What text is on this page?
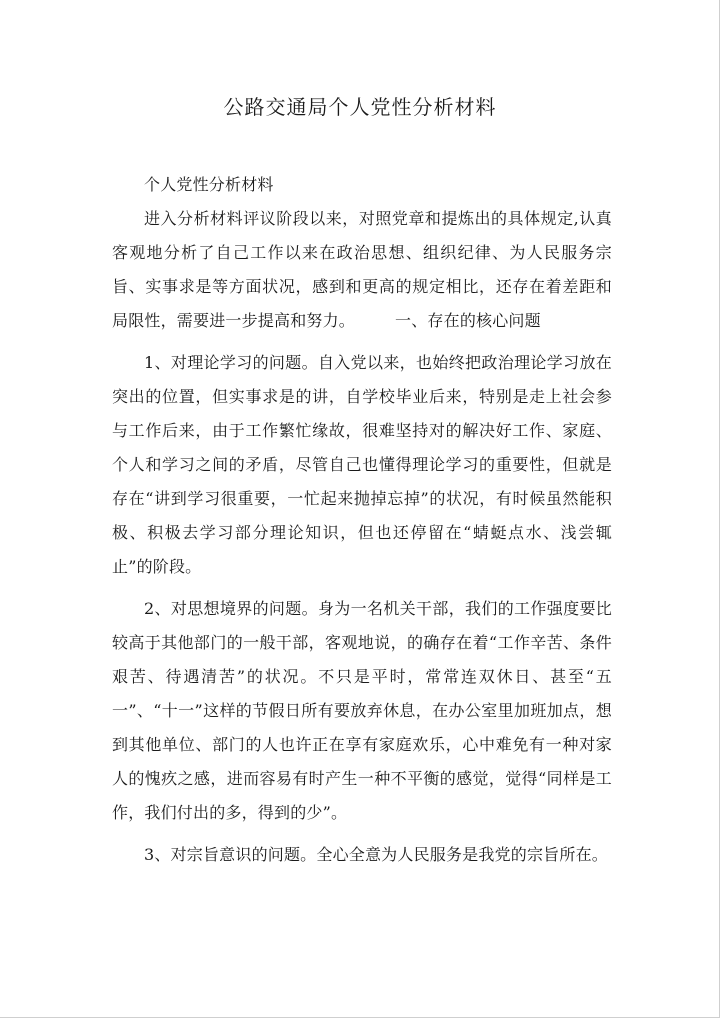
公路交通局个人党性分析材料

个人党性分析材料

进入分析材料评议阶段以来，对照党章和提炼出的具体规定,认真客观地分析了自己工作以来在政治思想、组织纪律、为人民服务宗旨、实事求是等方面状况，感到和更高的规定相比，还存在着差距和局限性，需要进一步提高和努力。	一、存在的核心问题

1、对理论学习的问题。自入党以来，也始终把政治理论学习放在突出的位置，但实事求是的讲，自学校毕业后来，特别是走上社会参与工作后来，由于工作繁忙缘故，很难坚持对的解决好工作、家庭、个人和学习之间的矛盾，尽管自己也懂得理论学习的重要性，但就是存在“讲到学习很重要，一忙起来抛掉忘掉”的状况，有时候虽然能积极、积极去学习部分理论知识，但也还停留在“蜻蜓点水、浅尝辄止”的阶段。

2、对思想境界的问题。身为一名机关干部，我们的工作强度要比较高于其他部门的一般干部，客观地说，的确存在着“工作辛苦、条件艰苦、待遇清苦”的状况。不只是平时，常常连双休日、甚至“五一”、“十一”这样的节假日所有要放弃休息，在办公室里加班加点，想到其他单位、部门的人也许正在享有家庭欢乐，心中难免有一种对家人的愧疚之感，进而容易有时产生一种不平衡的感觉，觉得“同样是工作，我们付出的多，得到的少”。

3、对宗旨意识的问题。全心全意为人民服务是我党的宗旨所在。
